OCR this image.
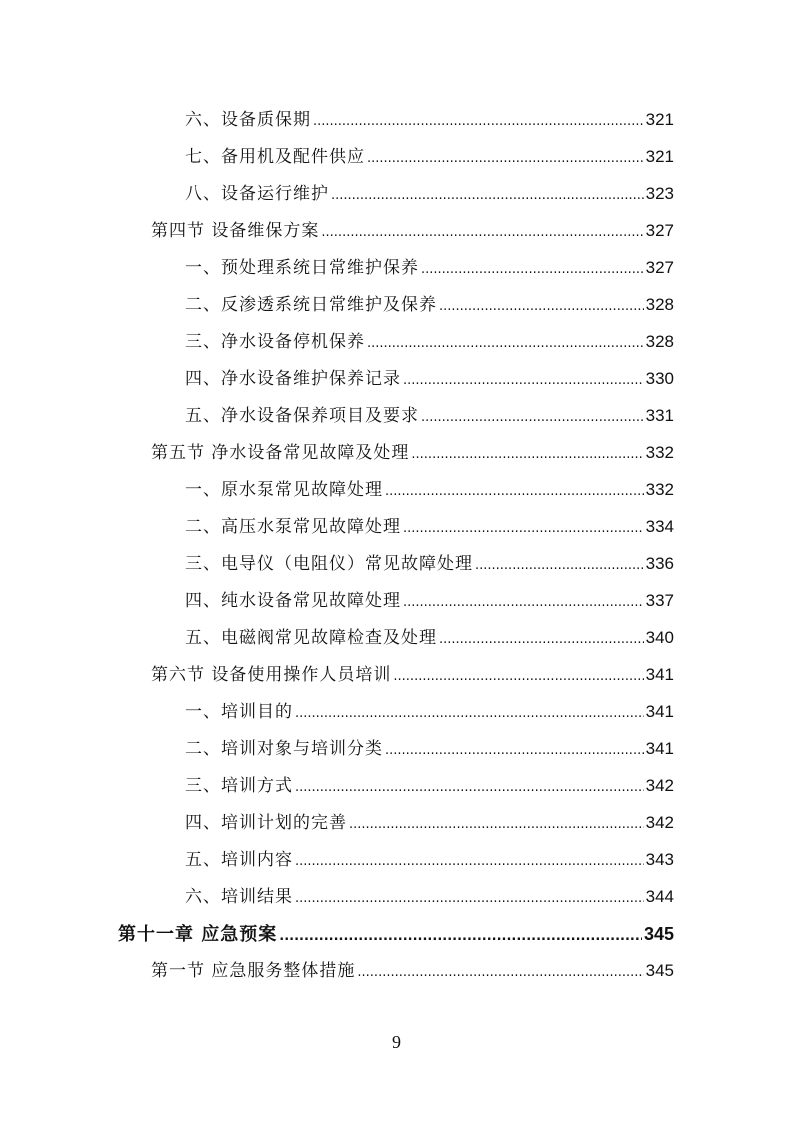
六、设备质保期 .....	321
七、备用机及配件供应 .....	321
八、设备运行维护 .....	323
第四节 设备维保方案 .....	327
一、预处理系统日常维护保养 .....	327
二、反渗透系统日常维护及保养 .....	328
三、净水设备停机保养 .....	328
四、净水设备维护保养记录 .....	330
五、净水设备保养项目及要求 .....	331
第五节 净水设备常见故障及处理 .....	332
一、原水泵常见故障处理 .....	332
二、高压水泵常见故障处理 .....	334
三、电导仪（电阻仪）常见故障处理 .....	336
四、纯水设备常见故障处理 .....	337
五、电磁阀常见故障检查及处理 .....	340
第六节 设备使用操作人员培训 .....	341
一、培训目的 .....	341
二、培训对象与培训分类 .....	341
三、培训方式 .....	342
四、培训计划的完善 .....	342
五、培训内容 .....	343
六、培训结果 .....	344
第十一章 应急预案 .....	345
第一节 应急服务整体措施 .....	345
9
